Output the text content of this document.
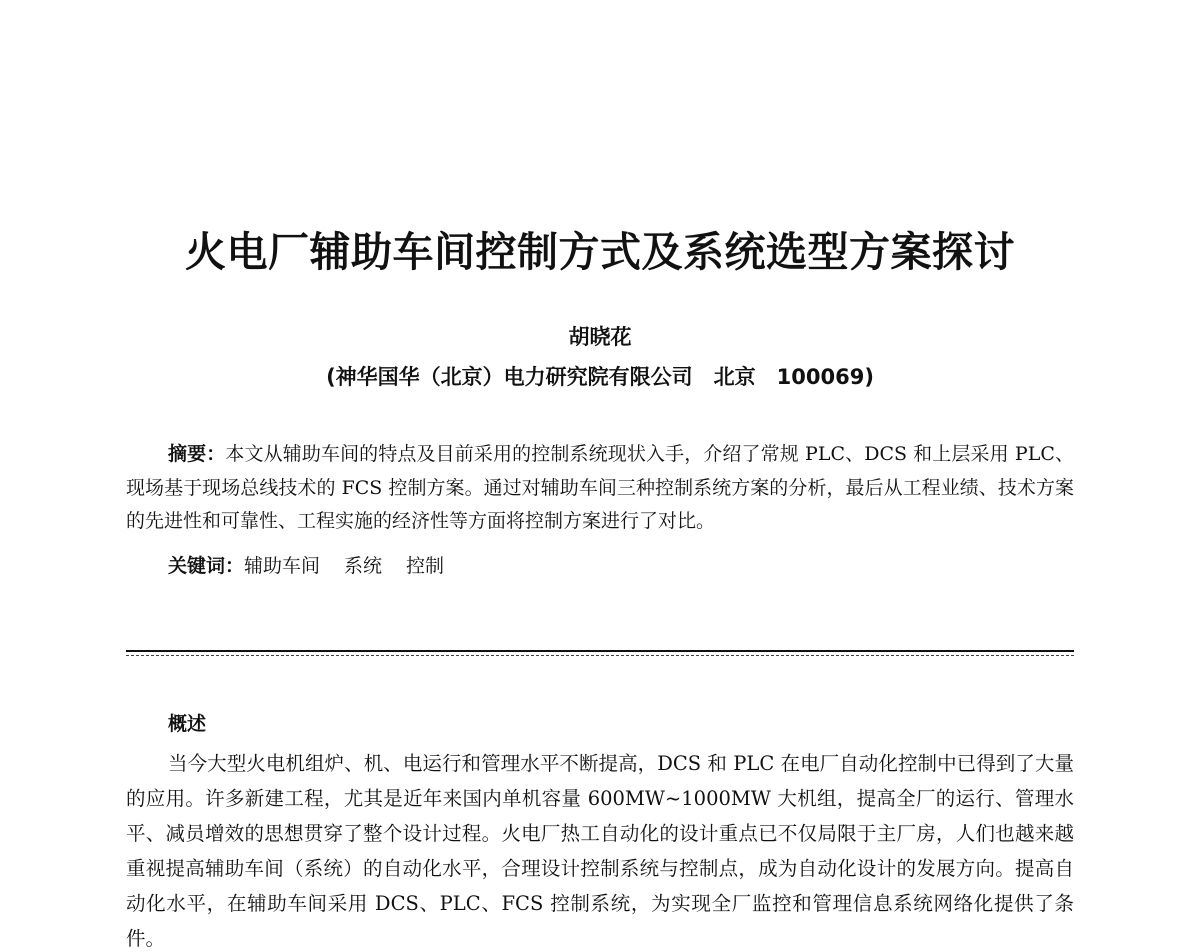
火电厂辅助车间控制方式及系统选型方案探讨
胡晓花
(神华国华（北京）电力研究院有限公司　北京　100069)
摘要：本文从辅助车间的特点及目前采用的控制系统现状入手，介绍了常规 PLC、DCS 和上层采用 PLC、现场基于现场总线技术的 FCS 控制方案。通过对辅助车间三种控制系统方案的分析，最后从工程业绩、技术方案的先进性和可靠性、工程实施的经济性等方面将控制方案进行了对比。
关键词：辅助车间 系统 控制
概述
当今大型火电机组炉、机、电运行和管理水平不断提高，DCS 和 PLC 在电厂自动化控制中已得到了大量的应用。许多新建工程，尤其是近年来国内单机容量 600MW~1000MW 大机组，提高全厂的运行、管理水平、减员增效的思想贯穿了整个设计过程。火电厂热工自动化的设计重点已不仅局限于主厂房，人们也越来越重视提高辅助车间（系统）的自动化水平，合理设计控制系统与控制点，成为自动化设计的发展方向。提高自动化水平，在辅助车间采用 DCS、PLC、FCS 控制系统，为实现全厂监控和管理信息系统网络化提供了条件。
